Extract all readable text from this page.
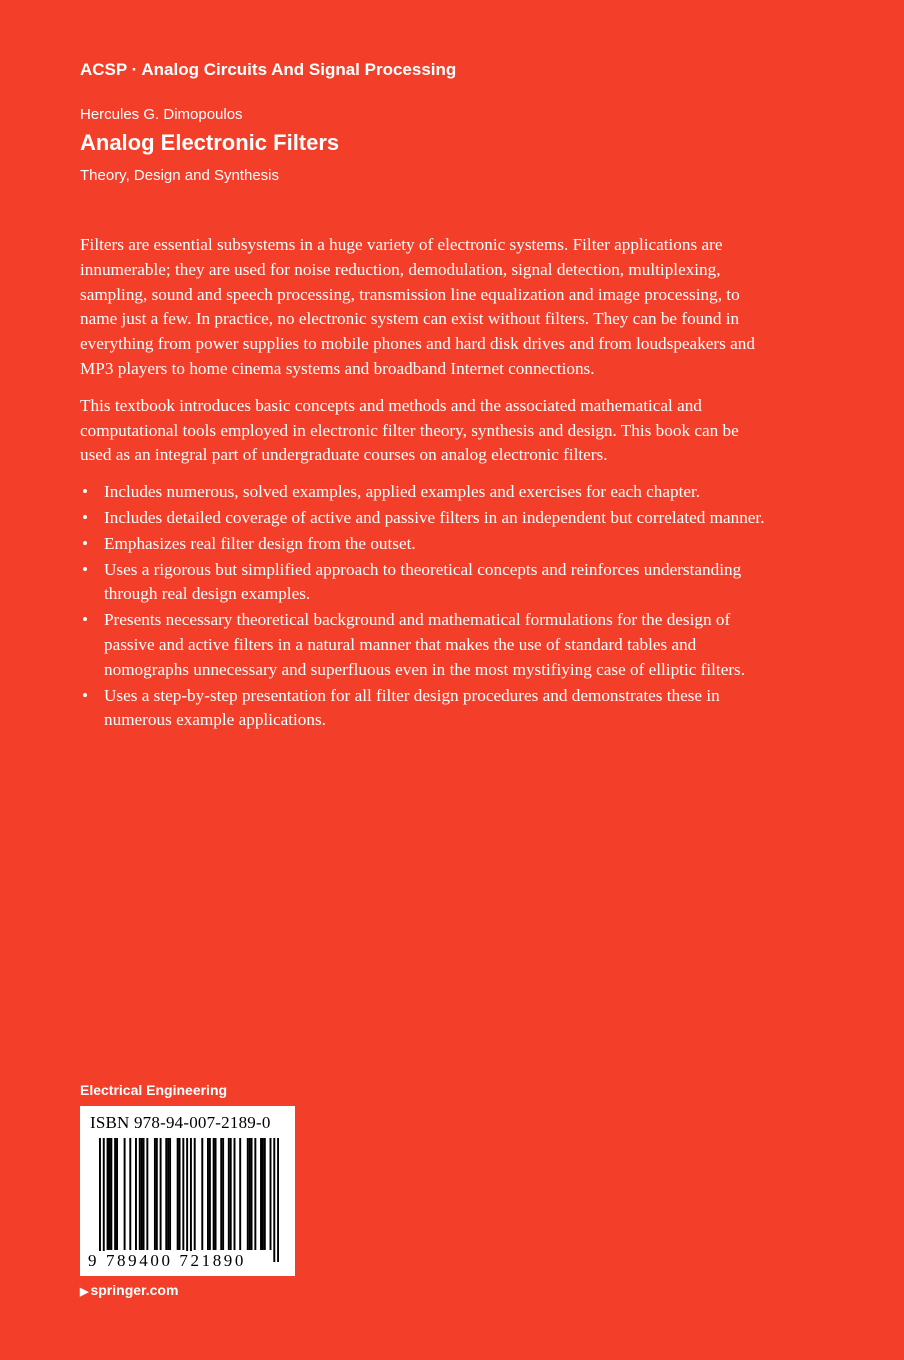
ACSP · Analog Circuits And Signal Processing
Hercules G. Dimopoulos
Analog Electronic Filters
Theory, Design and Synthesis

Filters are essential subsystems in a huge variety of electronic systems. Filter applications are innumerable; they are used for noise reduction, demodulation, signal detection, multiplexing, sampling, sound and speech processing, transmission line equalization and image processing, to name just a few. In practice, no electronic system can exist without filters. They can be found in everything from power supplies to mobile phones and hard disk drives and from loudspeakers and MP3 players to home cinema systems and broadband Internet connections.

This textbook introduces basic concepts and methods and the associated mathematical and computational tools employed in electronic filter theory, synthesis and design. This book can be used as an integral part of undergraduate courses on analog electronic filters.

• Includes numerous, solved examples, applied examples and exercises for each chapter.
• Includes detailed coverage of active and passive filters in an independent but correlated manner.
• Emphasizes real filter design from the outset.
• Uses a rigorous but simplified approach to theoretical concepts and reinforces understanding through real design examples.
• Presents necessary theoretical background and mathematical formulations for the design of passive and active filters in a natural manner that makes the use of standard tables and nomographs unnecessary and superfluous even in the most mystifiying case of elliptic filters.
• Uses a step-by-step presentation for all filter design procedures and demonstrates these in numerous example applications.
Electrical Engineering
ISBN 978-94-007-2189-0
9 789400 721890
▶ springer.com
